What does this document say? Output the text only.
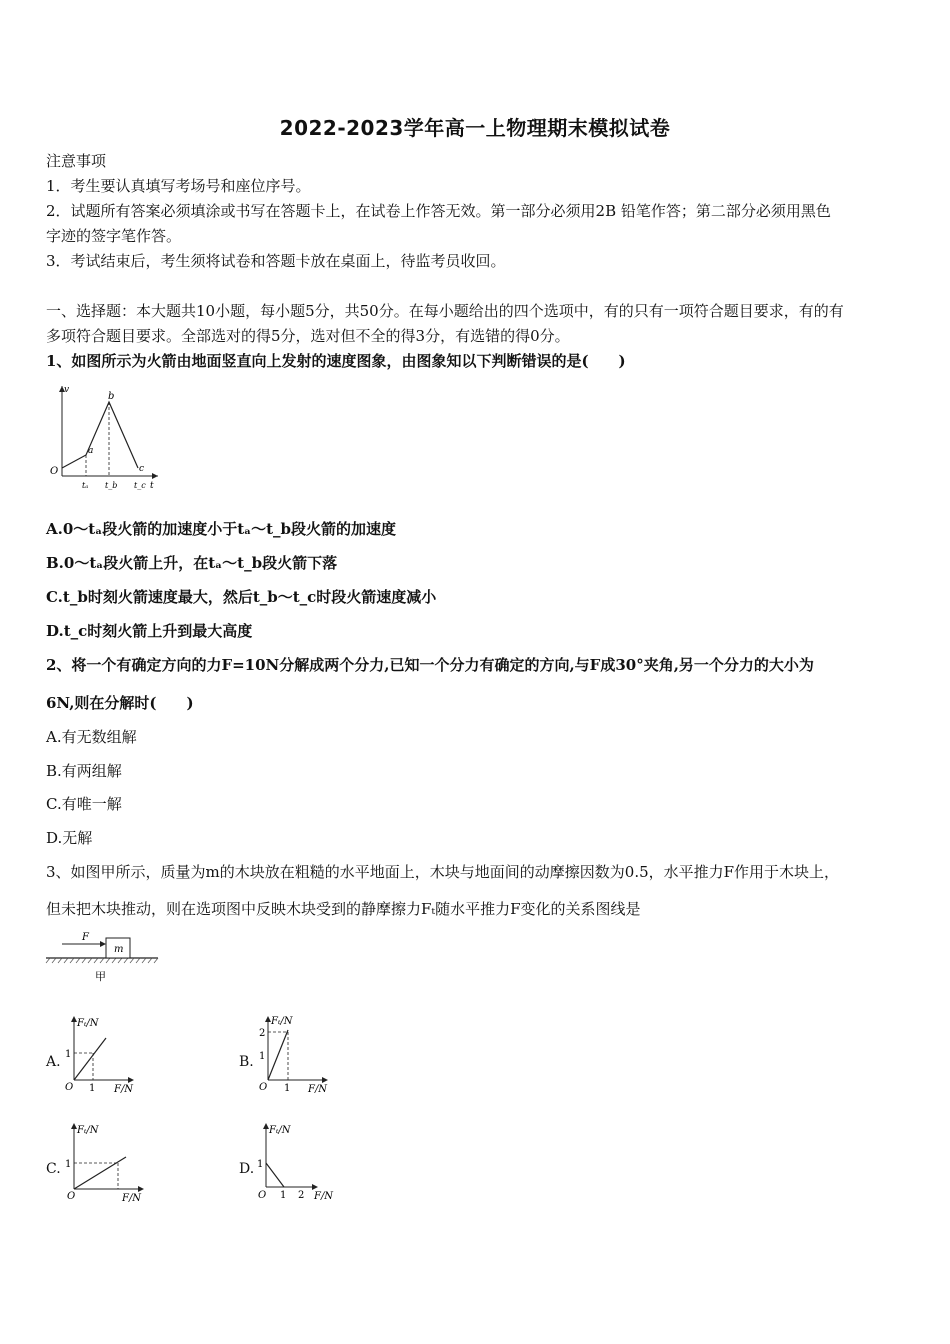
2022-2023学年高一上物理期末模拟试卷
注意事项
1．考生要认真填写考场号和座位序号。
2．试题所有答案必须填涂或书写在答题卡上，在试卷上作答无效。第一部分必须用2B 铅笔作答；第二部分必须用黑色
字迹的签字笔作答。
3．考试结束后，考生须将试卷和答题卡放在桌面上，待监考员收回。
一、选择题：本大题共10小题，每小题5分，共50分。在每小题给出的四个选项中，有的只有一项符合题目要求，有的有
多项符合题目要求。全部选对的得5分，选对但不全的得3分，有选错的得0分。
1、如图所示为火箭由地面竖直向上发射的速度图象，由图象知以下判断错误的是(　　)
v
O
a
b
c
t
tₐ t_b t_c
A.0～tₐ段火箭的加速度小于tₐ～t_b段火箭的加速度
B.0～tₐ段火箭上升，在tₐ～t_b段火箭下落
C.t_b时刻火箭速度最大，然后t_b～t_c时段火箭速度减小
D.t_c时刻火箭上升到最大高度
2、将一个有确定方向的力F=10N分解成两个分力,已知一个分力有确定的方向,与F成30°夹角,另一个分力的大小为
6N,则在分解时(　　)
A.有无数组解
B.有两组解
C.有唯一解
D.无解
3、如图甲所示，质量为m的木块放在粗糙的水平地面上，木块与地面间的动摩擦因数为0.5，水平推力F作用于木块上，
但未把木块推动，则在选项图中反映木块受到的静摩擦力Fₜ随水平推力F变化的关系图线是
F
m
甲
A.
Fₜ/N
1
O 1 F/N
B.
Fₜ/N
2
1
O 1 F/N
C.
Fₜ/N
1
O	F/N
D.
Fₜ/N
1
O 1 2 F/N
